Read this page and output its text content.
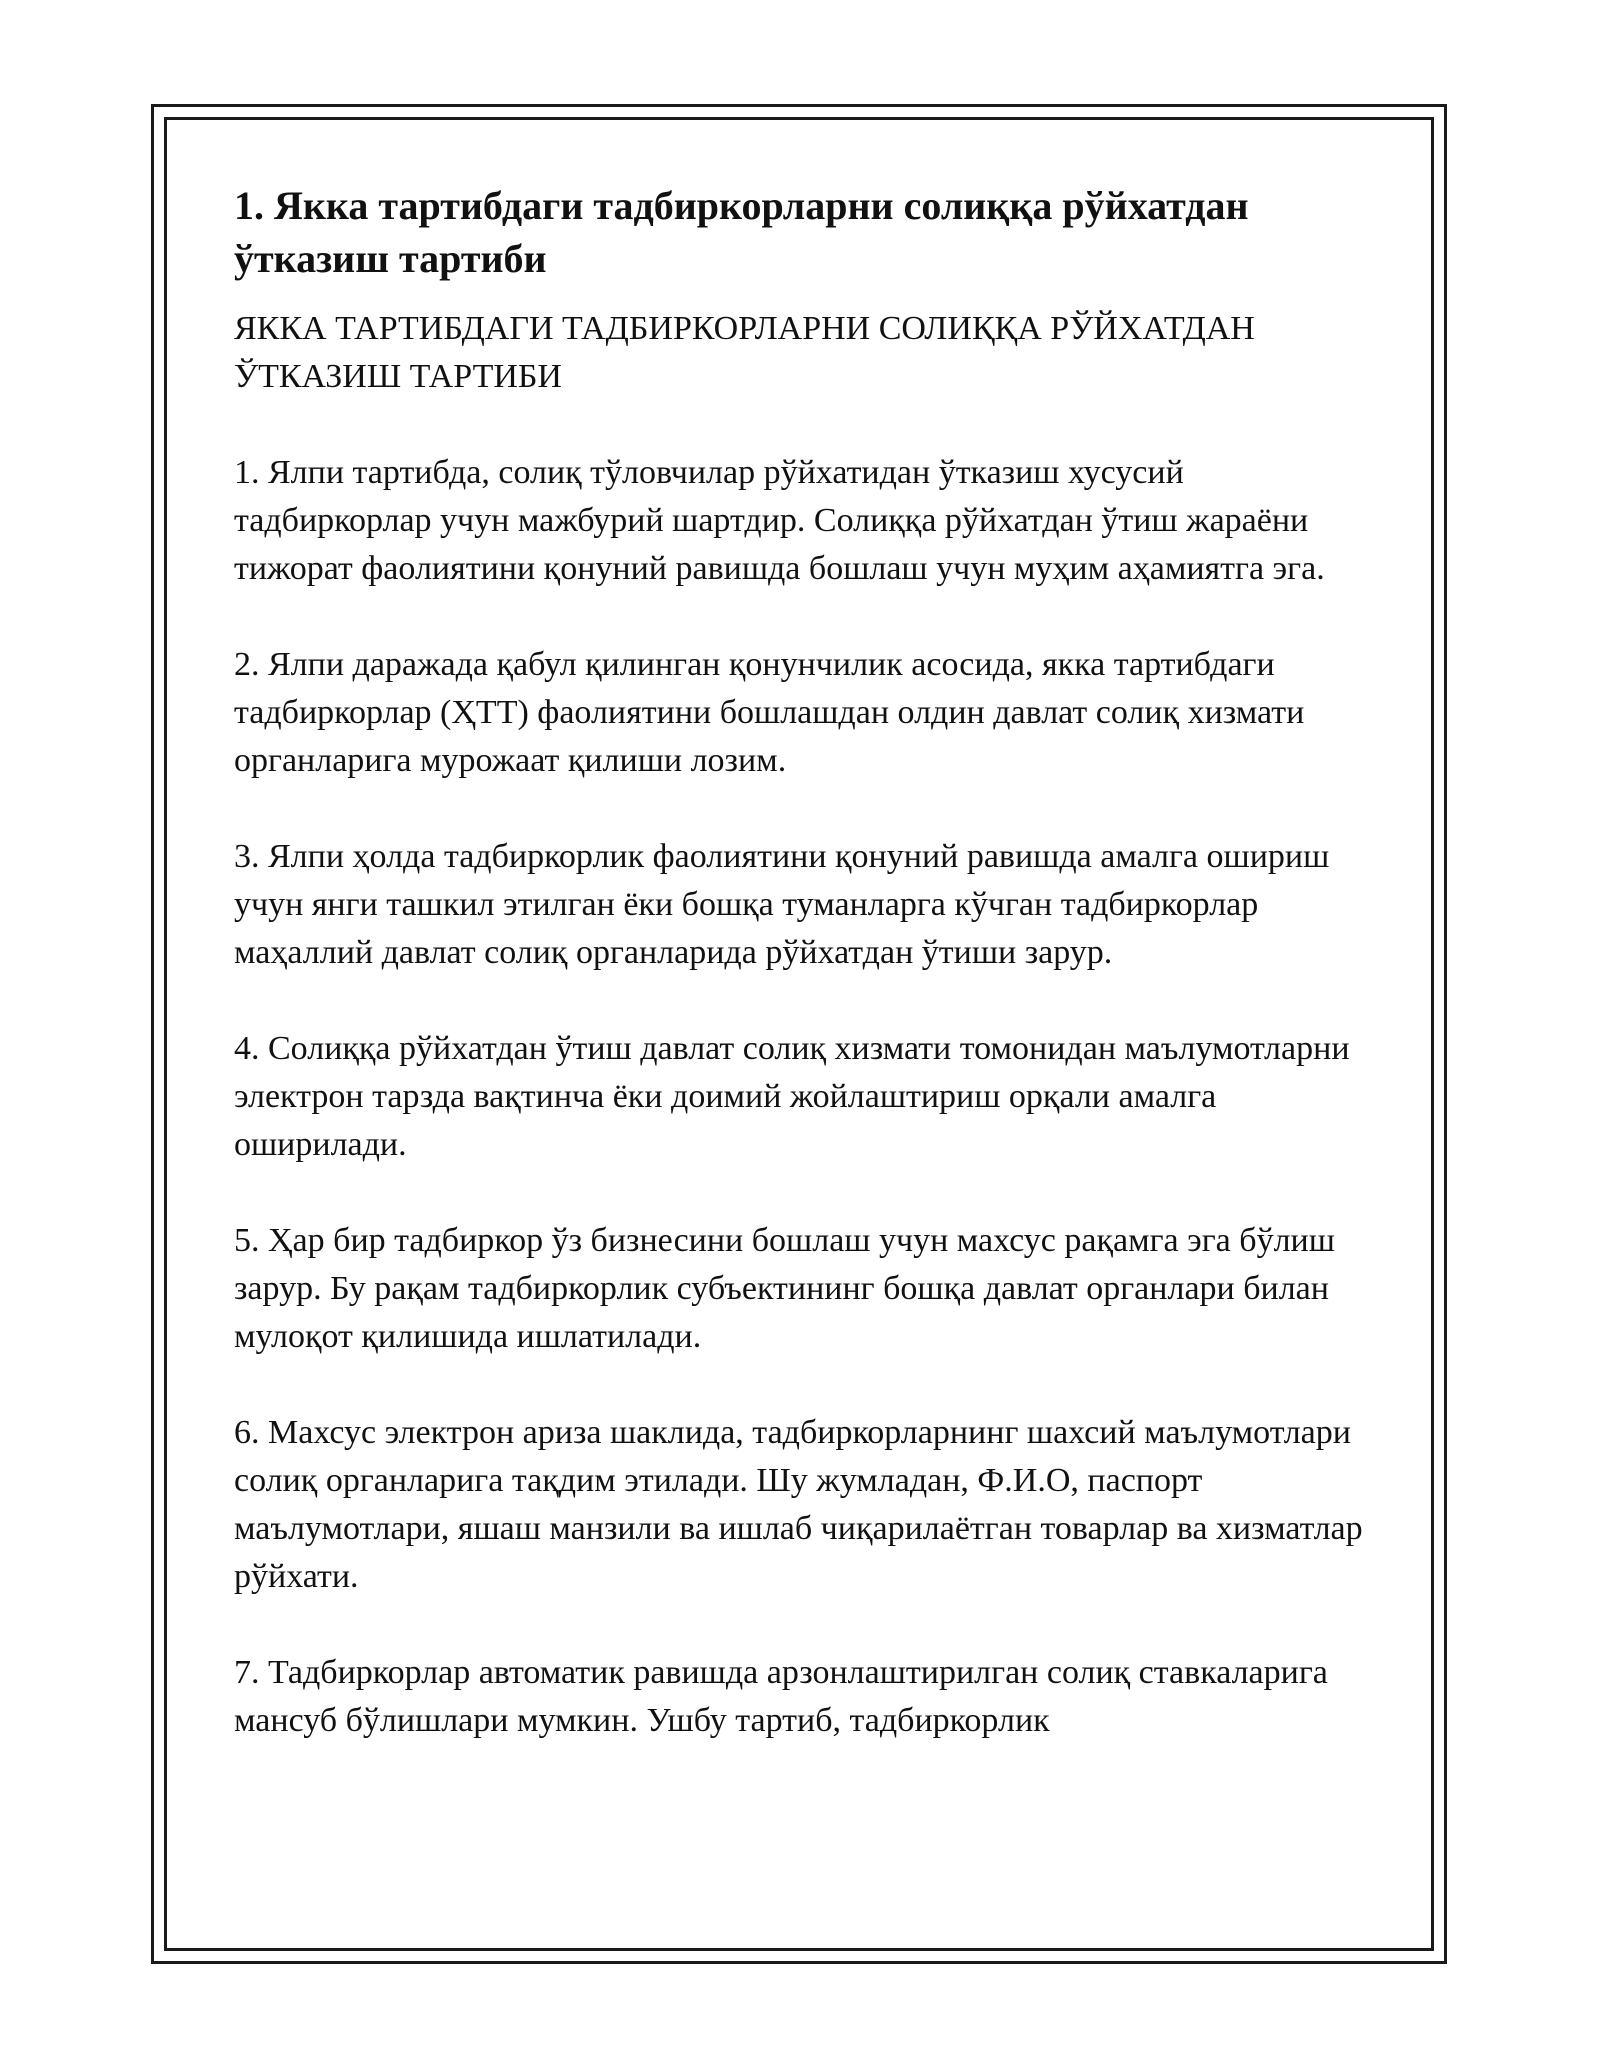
1. Якка тартибдаги тадбиркорларни солиққа рўйхатдан ўтказиш тартиби

ЯККА ТАРТИБДАГИ ТАДБИРКОРЛАРНИ СОЛИҚҚА РЎЙХАТДАН ЎТКАЗИШ ТАРТИБИ

1. Ялпи тартибда, солиқ тўловчилар рўйхатидан ўтказиш хусусий тадбиркорлар учун мажбурий шартдир. Солиққа рўйхатдан ўтиш жараёни тижорат фаолиятини қонуний равишда бошлаш учун муҳим аҳамиятга эга.

2. Ялпи даражада қабул қилинган қонунчилик асосида, якка тартибдаги тадбиркорлар (ҲТТ) фаолиятини бошлашдан олдин давлат солиқ хизмати органларига мурожаат қилиши лозим.

3. Ялпи ҳолда тадбиркорлик фаолиятини қонуний равишда амалга ошириш учун янги ташкил этилган ёки бошқа туманларга кўчган тадбиркорлар маҳаллий давлат солиқ органларида рўйхатдан ўтиши зарур.

4. Солиққа рўйхатдан ўтиш давлат солиқ хизмати томонидан маълумотларни электрон тарзда вақтинча ёки доимий жойлаштириш орқали амалга оширилади.

5. Ҳар бир тадбиркор ўз бизнесини бошлаш учун махсус рақамга эга бўлиш зарур. Бу рақам тадбиркорлик субъектининг бошқа давлат органлари билан мулоқот қилишида ишлатилади.

6. Махсус электрон ариза шаклида, тадбиркорларнинг шахсий маълумотлари солиқ органларига тақдим этилади. Шу жумладан, Ф.И.О, паспорт маълумотлари, яшаш манзили ва ишлаб чиқарилаётган товарлар ва хизматлар рўйхати.

7. Тадбиркорлар автоматик равишда арзонлаштирилган солиқ ставкаларига мансуб бўлишлари мумкин. Ушбу тартиб, тадбиркорлик
